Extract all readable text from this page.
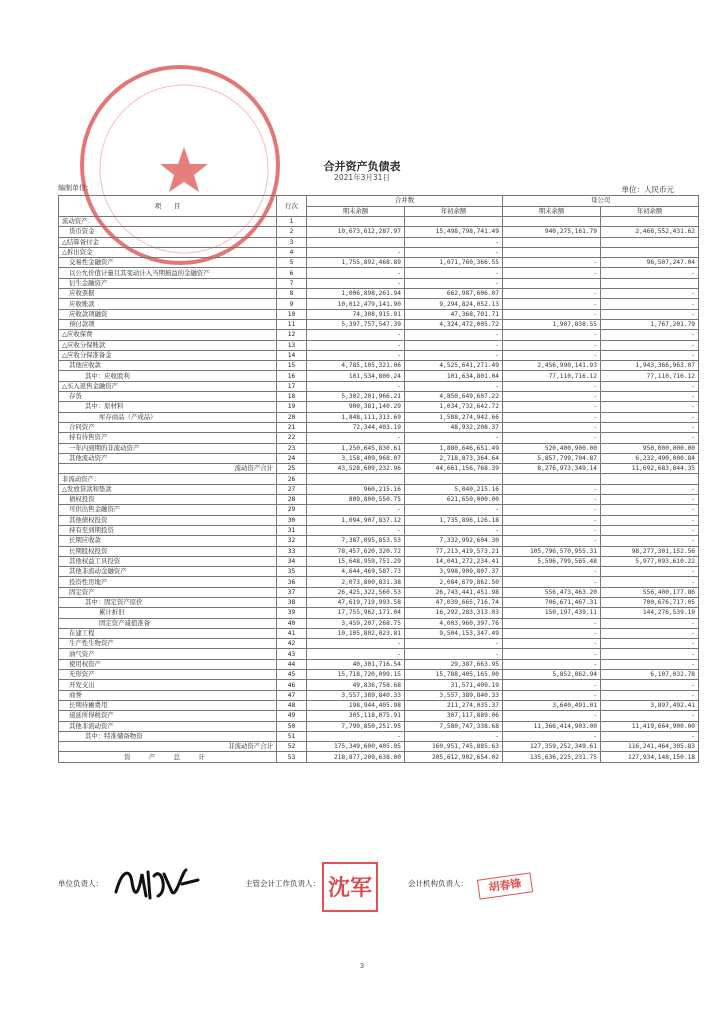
合并资产负债表
2021年3月31日
编制单位：	单位：人民币元
项　　目	行次	合并数		母公司	
		期末余额	年初余额	期末余额	年初余额
流动资产：	1				
货币资金	2	10,673,612,287.97	15,498,798,741.49	940,275,161.79	2,468,552,431.62
△结算备付金	3		-		
△拆出资金	4	-	-		
交易性金融资产	5	1,755,892,468.89	1,071,760,366.55	-	96,507,247.04
以公允价值计量且其变动计入当期损益的金融资产	6	-	-	-	-
衍生金融资产	7	-	-		
应收票据	8	1,006,898,261.94	662,987,606.07	-	-
应收账款	9	10,012,479,141.90	9,294,824,052.13	-	-
应收款项融资	10	74,308,915.91	47,368,701.71	-	-
预付款项	11	5,397,757,547.39	4,324,472,005.72	1,907,838.55	1,767,201.79
△应收保费	12	-	-	-	-
△应收分保账款	13	-	-	-	-
△应收分保准备金	14	-	-	-	-
其他应收款	15	4,785,105,321.06	4,525,641,271.49	2,456,990,141.93	1,943,366,963.07
其中：应收股利	16	101,534,800.24	101,634,801.04	77,110,716.12	77,110,716.12
△买入返售金融资产	17	-	-	-	-
存货	18	5,302,201,966.21	4,850,649,607.22	-	-
其中：原材料	19	900,381,140.29	1,034,732,642.72	-	-
库存商品（产成品）	20	1,848,111,313.69	1,588,274,942.66	-	-
合同资产	21	72,344,403.19	48,932,208.37	-	-
持有待售资产	22	-	-	-	-
一年内到期的非流动资产	23	1,250,645,830.61	1,880,646,651.49	520,400,900.00	950,000,000.00
其他流动资产	24	3,158,409,968.07	2,718,873,364.64	5,857,799,704.87	6,232,490,000.84
流动资产合计	25	43,528,609,232.96	44,661,156,768.39	8,276,973,349.14	11,692,683,844.35
非流动资产：	26				
△发放贷款和垫款	27	960,215.16	5,040,215.16	-	-
债权投资	28	809,800,550.75	621,650,000.00	-	-
可供出售金融资产	29	-	-	-	-
其他债权投资	30	1,094,907,837.12	1,735,896,126.18	-	-
持有至到期投资	31	-	-	-	-
长期应收款	32	7,387,095,853.53	7,332,992,604.30	-	-
长期股权投资	33	78,457,620,320.72	77,213,419,573.21	105,796,570,955.31	98,277,301,152.56
其他权益工具投资	34	15,648,959,751.29	14,041,272,234.41	5,596,799,565.48	5,977,093,610.22
其他非流动金融资产	35	4,644,469,587.73	3,998,909,807.37	-	-
投资性房地产	36	2,073,800,831.38	2,084,679,862.50	-	-
固定资产	37	26,425,322,560.53	26,743,441,451.98	556,473,463.20	556,400,177.86
其中：固定资产原价	38	47,619,719,993.58	47,039,665,716.74	706,671,467.31	700,676,717.05
累计折旧	39	17,755,962,171.04	16,292,283,313.03	150,197,439.11	144,276,539.19
固定资产减值准备	40	3,459,207,268.75	4,003,960,397.76	-	-
在建工程	41	10,105,802,023.81	9,504,153,347.49	-	-
生产性生物资产	42	-	-	-	-
油气资产	43	-	-	-	-
使用权资产	44	40,301,716.54	29,387,663.95	-	-
无形资产	45	15,718,720,099.15	15,788,405,165.00	5,852,862.94	6,107,032.78
开发支出	46	49,836,758.68	31,571,409.19	-	-
商誉	47	3,557,389,840.33	3,557,389,840.33	-	-
长期待摊费用	48	198,944,405.98	211,274,035.37	3,640,491.01	3,897,492.41
递延所得税资产	49	305,118,075.91	307,117,889.06	-	-
其他非流动资产	50	7,799,850,251.95	7,580,747,338.68	11,366,414,903.00	11,419,664,900.00
其中：特准储备物资	51	-	-	-	-
非流动资产合计	52	175,349,600,405.05	160,951,745,885.63	127,359,252,349.61	116,241,464,305.83
资　产　总　计	53	218,877,209,638.00	205,612,902,654.02	135,636,225,231.75	127,934,148,150.18
单位负责人：	主管会计工作负责人： 沈军	会计机构负责人：	胡春锋
3
